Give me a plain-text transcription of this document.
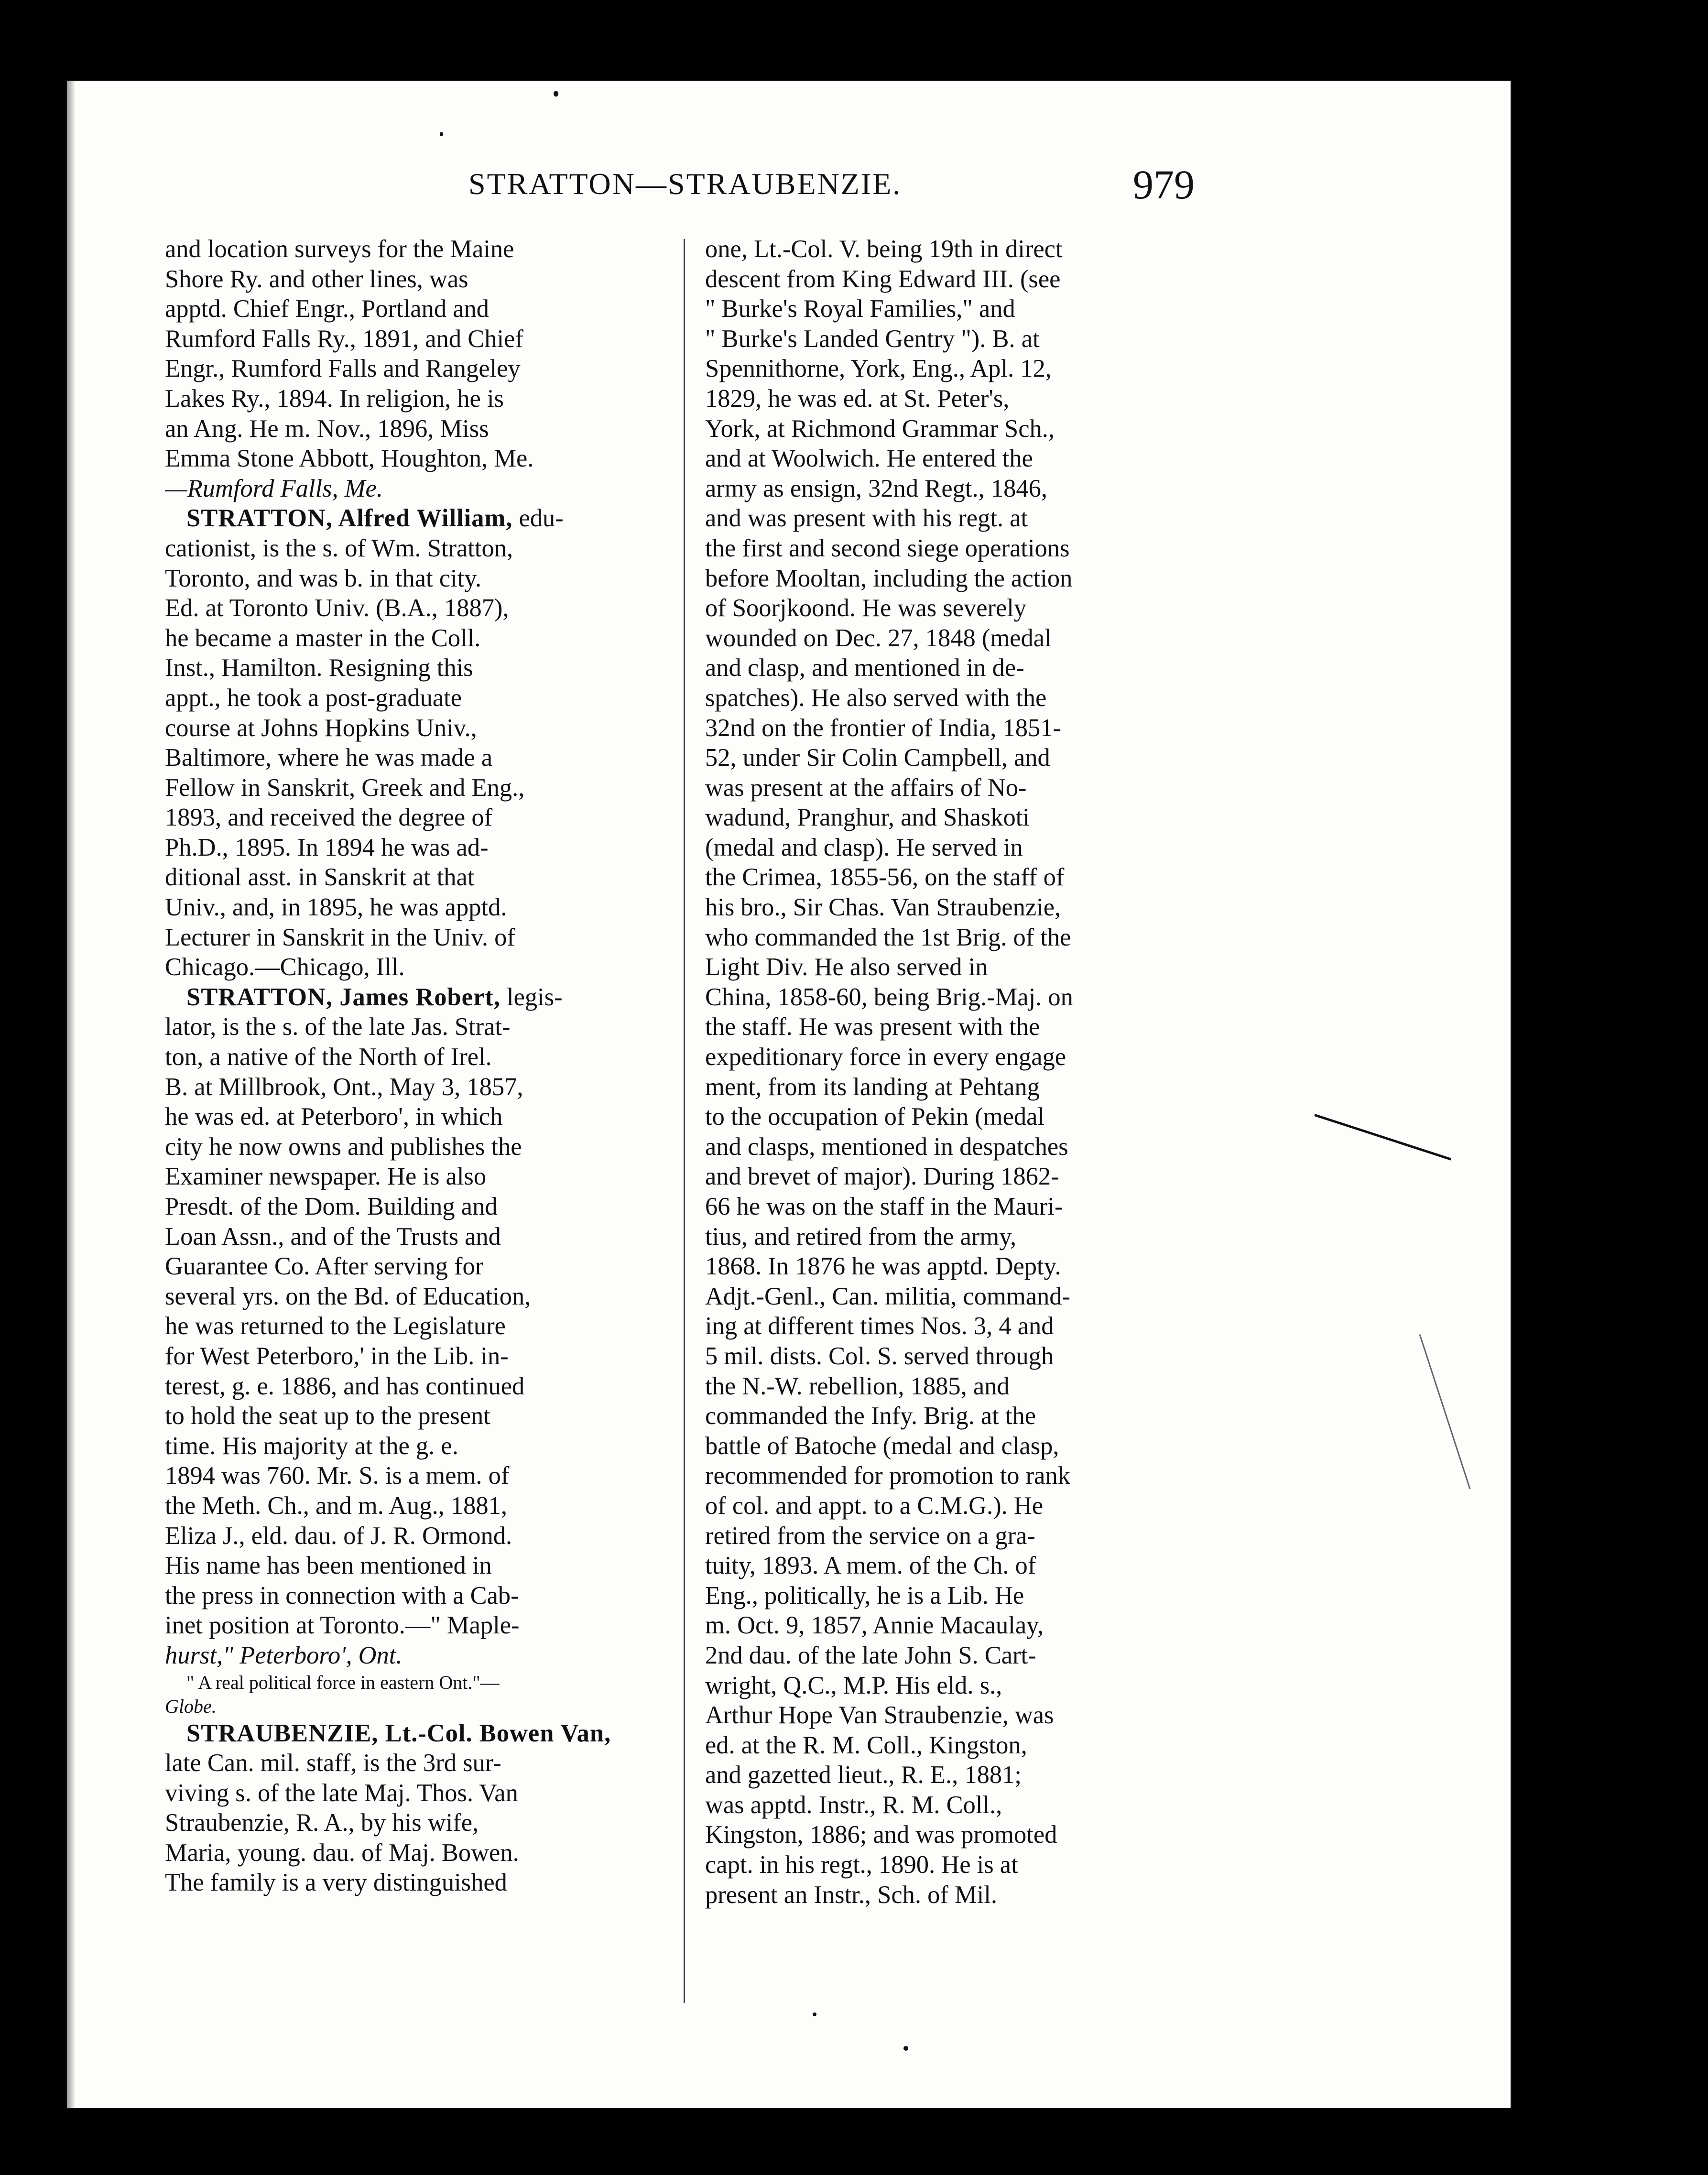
STRATTON—STRAUBENZIE.	979

and location surveys for the Maine
Shore Ry. and other lines, was
apptd. Chief Engr., Portland and
Rumford Falls Ry., 1891, and Chief
Engr., Rumford Falls and Rangeley
Lakes Ry., 1894. In religion, he is
an Ang. He m. Nov., 1896, Miss
Emma Stone Abbott, Houghton, Me.
—Rumford Falls, Me.

STRATTON, Alfred William, edu-
cationist, is the s. of Wm. Stratton,
Toronto, and was b. in that city.
Ed. at Toronto Univ. (B.A., 1887),
he became a master in the Coll.
Inst., Hamilton. Resigning this
appt., he took a post-graduate
course at Johns Hopkins Univ.,
Baltimore, where he was made a
Fellow in Sanskrit, Greek and Eng.,
1893, and received the degree of
Ph.D., 1895. In 1894 he was ad-
ditional asst. in Sanskrit at that
Univ., and, in 1895, he was apptd.
Lecturer in Sanskrit in the Univ. of
Chicago.—Chicago, Ill.

STRATTON, James Robert, legis-
lator, is the s. of the late Jas. Strat-
ton, a native of the North of Irel.
B. at Millbrook, Ont., May 3, 1857,
he was ed. at Peterboro', in which
city he now owns and publishes the
Examiner newspaper. He is also
Presdt. of the Dom. Building and
Loan Assn., and of the Trusts and
Guarantee Co. After serving for
several yrs. on the Bd. of Education,
he was returned to the Legislature
for West Peterboro,' in the Lib. in-
terest, g. e. 1886, and has continued
to hold the seat up to the present
time. His majority at the g. e.
1894 was 760. Mr. S. is a mem. of
the Meth. Ch., and m. Aug., 1881,
Eliza J., eld. dau. of J. R. Ormond.
His name has been mentioned in
the press in connection with a Cab-
inet position at Toronto.—" Maple-
hurst," Peterboro', Ont.

" A real political force in eastern Ont."—
Globe.

STRAUBENZIE, Lt.-Col. Bowen Van,
late Can. mil. staff, is the 3rd sur-
viving s. of the late Maj. Thos. Van
Straubenzie, R. A., by his wife,
Maria, young. dau. of Maj. Bowen.
The family is a very distinguished

one, Lt.-Col. V. being 19th in direct
descent from King Edward III. (see
" Burke's Royal Families," and
" Burke's Landed Gentry "). B. at
Spennithorne, York, Eng., Apl. 12,
1829, he was ed. at St. Peter's,
York, at Richmond Grammar Sch.,
and at Woolwich. He entered the
army as ensign, 32nd Regt., 1846,
and was present with his regt. at
the first and second siege operations
before Mooltan, including the action
of Soorjkoond. He was severely
wounded on Dec. 27, 1848 (medal
and clasp, and mentioned in de-
spatches). He also served with the
32nd on the frontier of India, 1851-
52, under Sir Colin Campbell, and
was present at the affairs of No-
wadund, Pranghur, and Shaskoti
(medal and clasp). He served in
the Crimea, 1855-56, on the staff of
his bro., Sir Chas. Van Straubenzie,
who commanded the 1st Brig. of the
Light Div. He also served in
China, 1858-60, being Brig.-Maj. on
the staff. He was present with the
expeditionary force in every engage
ment, from its landing at Pehtang
to the occupation of Pekin (medal
and clasps, mentioned in despatches
and brevet of major). During 1862-
66 he was on the staff in the Mauri-
tius, and retired from the army,
1868. In 1876 he was apptd. Depty.
Adjt.-Genl., Can. militia, command-
ing at different times Nos. 3, 4 and
5 mil. dists. Col. S. served through
the N.-W. rebellion, 1885, and
commanded the Infy. Brig. at the
battle of Batoche (medal and clasp,
recommended for promotion to rank
of col. and appt. to a C.M.G.). He
retired from the service on a gra-
tuity, 1893. A mem. of the Ch. of
Eng., politically, he is a Lib. He
m. Oct. 9, 1857, Annie Macaulay,
2nd dau. of the late John S. Cart-
wright, Q.C., M.P. His eld. s.,
Arthur Hope Van Straubenzie, was
ed. at the R. M. Coll., Kingston,
and gazetted lieut., R. E., 1881;
was apptd. Instr., R. M. Coll.,
Kingston, 1886; and was promoted
capt. in his regt., 1890. He is at
present an Instr., Sch. of Mil.
